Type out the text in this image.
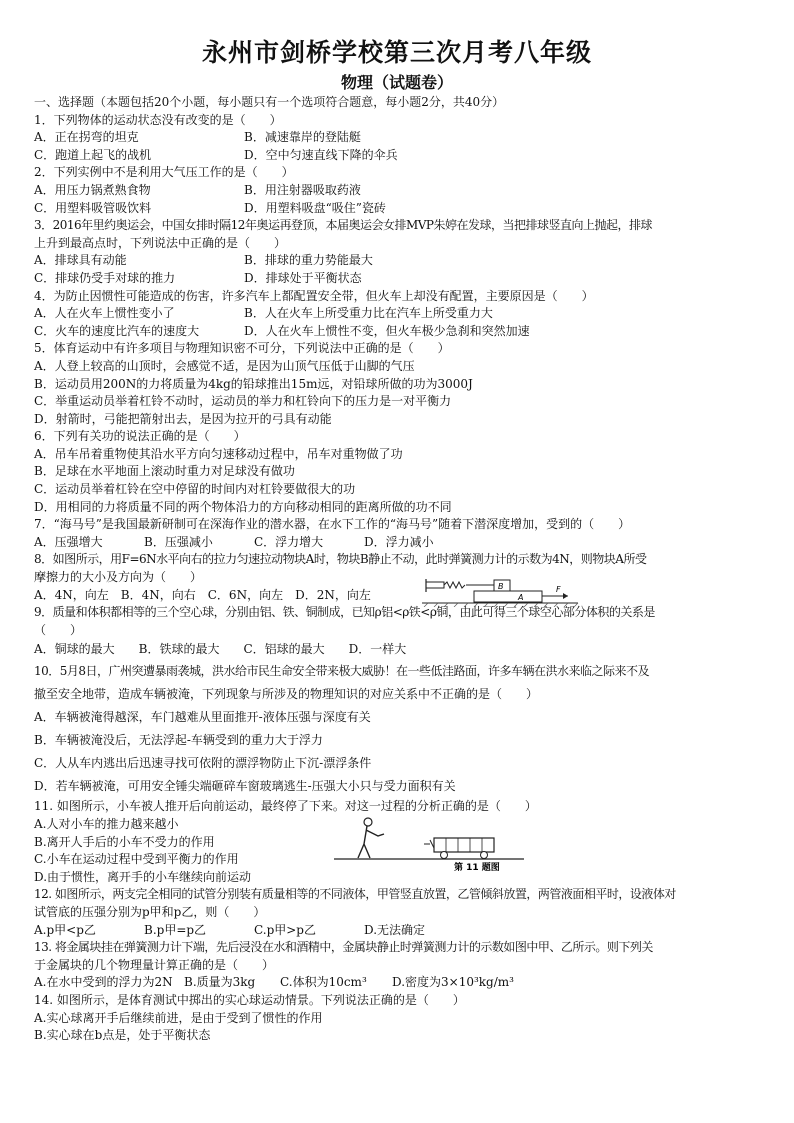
永州市剑桥学校第三次月考八年级
物理（试题卷）
一、选择题（本题包括20个小题，每小题只有一个选项符合题意，每小题2分，共40分）
1．下列物体的运动状态没有改变的是（　　）
A．正在拐弯的坦克	B．减速靠岸的登陆艇
C．跑道上起飞的战机	D．空中匀速直线下降的伞兵
2．下列实例中不是利用大气压工作的是（　　）
A．用压力锅煮熟食物	B．用注射器吸取药液
C．用塑料吸管吸饮料	D．用塑料吸盘“吸住”瓷砖
3．2016年里约奥运会，中国女排时隔12年奥运再登顶，本届奥运会女排MVP朱婷在发球，当把排球竖直向上抛起，排球
上升到最高点时，下列说法中正确的是（　　）
A．排球具有动能	B．排球的重力势能最大
C．排球仍受手对球的推力	D．排球处于平衡状态
4．为防止因惯性可能造成的伤害，许多汽车上都配置安全带，但火车上却没有配置，主要原因是（　　）
A．人在火车上惯性变小了	B．人在火车上所受重力比在汽车上所受重力大
C．火车的速度比汽车的速度大	D．人在火车上惯性不变，但火车极少急刹和突然加速
5．体育运动中有许多项目与物理知识密不可分，下列说法中正确的是（　　）
A．人登上较高的山顶时，会感觉不适，是因为山顶气压低于山脚的气压
B．运动员用200N的力将质量为4kg的铅球推出15m远，对铅球所做的功为3000J
C．举重运动员举着杠铃不动时，运动员的举力和杠铃向下的压力是一对平衡力
D．射箭时，弓能把箭射出去，是因为拉开的弓具有动能
6．下列有关功的说法正确的是（　　）
A．吊车吊着重物使其沿水平方向匀速移动过程中，吊车对重物做了功
B．足球在水平地面上滚动时重力对足球没有做功
C．运动员举着杠铃在空中停留的时间内对杠铃要做很大的功
D．用相同的力将质量不同的两个物体沿力的方向移动相同的距离所做的功不同
7．“海马号”是我国最新研制可在深海作业的潜水器，在水下工作的“海马号”随着下潜深度增加，受到的（　　）
A．压强增大	B．压强减小	C．浮力增大	D．浮力减小
8．如图所示，用F=6N水平向右的拉力匀速拉动物块A时，物块B静止不动，此时弹簧测力计的示数为4N，则物块A所受
摩擦力的大小及方向为（　　）
A．4N，向左　B．4N，向右　C．6N，向左　D．2N，向左
B
A
F
9．质量和体积都相等的三个空心球，分别由铝、铁、铜制成，已知ρ铝<ρ铁<ρ铜，由此可得三个球空心部分体积的关系是
（　　）
A．铜球的最大　　B．铁球的最大　　C．铝球的最大　　D．一样大
10．5月8日，广州突遭暴雨袭城，洪水给市民生命安全带来极大威胁！在一些低洼路面，许多车辆在洪水来临之际来不及
撤至安全地带，造成车辆被淹，下列现象与所涉及的物理知识的对应关系中不正确的是（　　）
A．车辆被淹得越深，车门越难从里面推开-液体压强与深度有关
B．车辆被淹没后，无法浮起-车辆受到的重力大于浮力
C．人从车内逃出后迅速寻找可依附的漂浮物防止下沉-漂浮条件
D．若车辆被淹，可用安全锤尖端砸碎车窗玻璃逃生-压强大小只与受力面积有关
11. 如图所示，小车被人推开后向前运动，最终停了下来。对这一过程的分析正确的是（　　）
A.人对小车的推力越来越小
B.离开人手后的小车不受力的作用
C.小车在运动过程中受到平衡力的作用
D.由于惯性，离开手的小车继续向前运动
第 11 题图
12. 如图所示，两支完全相同的试管分别装有质量相等的不同液体，甲管竖直放置，乙管倾斜放置，两管液面相平时，设液体对
试管底的压强分别为p甲和p乙，则（　　）
A.p甲<p乙	B.p甲=p乙	C.p甲>p乙	D.无法确定
13. 将金属块挂在弹簧测力计下端，先后浸没在水和酒精中，金属块静止时弹簧测力计的示数如图中甲、乙所示。则下列关
于金属块的几个物理量计算正确的是（　　）
A.在水中受到的浮力为2N B.质量为3kg	C.体积为10cm³	D.密度为3×10³kg/m³
14. 如图所示，是体育测试中掷出的实心球运动情景。下列说法正确的是（　　）
A.实心球离开手后继续前进，是由于受到了惯性的作用
B.实心球在b点是，处于平衡状态
